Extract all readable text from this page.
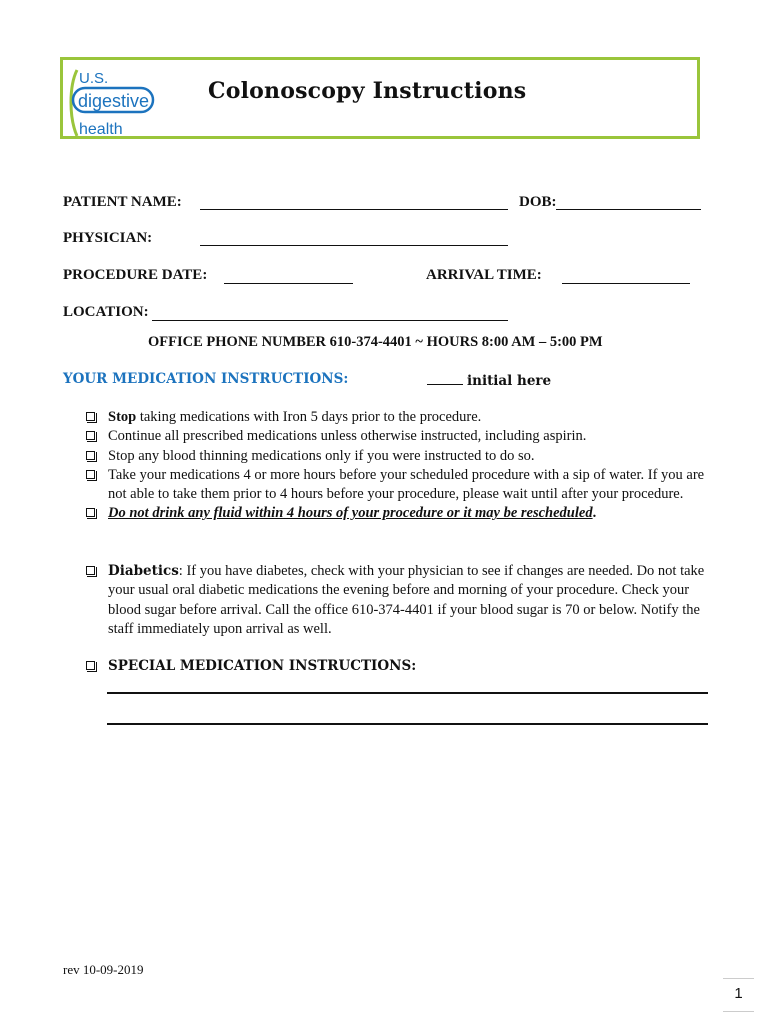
U.S.
digestive
health
Colonoscopy Instructions
PATIENT NAME:	DOB:
PHYSICIAN:
PROCEDURE DATE:	ARRIVAL TIME:
LOCATION:
OFFICE PHONE NUMBER 610-374-4401 ~ HOURS 8:00 AM – 5:00 PM
YOUR MEDICATION INSTRUCTIONS:	initial here
Stop taking medications with Iron 5 days prior to the procedure.
Continue all prescribed medications unless otherwise instructed, including aspirin.
Stop any blood thinning medications only if you were instructed to do so.
Take your medications 4 or more hours before your scheduled procedure with a sip of water. If you are not able to take them prior to 4 hours before your procedure, please wait until after your procedure.
Do not drink any fluid within 4 hours of your procedure or it may be rescheduled.
Diabetics: If you have diabetes, check with your physician to see if changes are needed. Do not take your usual oral diabetic medications the evening before and morning of your procedure. Check your blood sugar before arrival. Call the office 610-374-4401 if your blood sugar is 70 or below. Notify the staff immediately upon arrival as well.
SPECIAL MEDICATION INSTRUCTIONS:
rev 10-09-2019
1
